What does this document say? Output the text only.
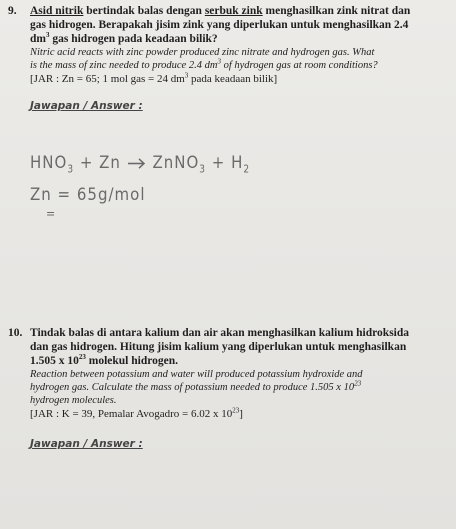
9. Asid nitrik bertindak balas dengan serbuk zink menghasilkan zink nitrat dan
gas hidrogen. Berapakah jisim zink yang diperlukan untuk menghasilkan 2.4
$dm^3$ gas hidrogen pada keadaan bilik?
Nitric acid reacts with zinc powder produced zinc nitrate and hydrogen gas. What
is the mass of zinc needed to produce 2.4 $dm^3$ of hydrogen gas at room conditions?
[JAR : Zn = 65; 1 mol gas = 24 $dm^3$ pada keadaan bilik]
Jawapan / Answer :
$HNO_3 + Zn$ → ZnNO$_3$ + $H_2$
Zn = 65g/mol
=
10. Tindak balas di antara kalium dan air akan menghasilkan kalium hidroksida
dan gas hidrogen. Hitung jisim kalium yang diperlukan untuk menghasilkan
1.505 x $10^{23}$ molekul hidrogen.
Reaction between potassium and water will produced potassium hydroxide and
hydrogen gas. Calculate the mass of potassium needed to produce 1.505 x $10^{23}$
hydrogen molecules.
[JAR : K = 39, Pemalar Avogadro = 6.02 x $10^{23}$]
Jawapan / Answer :
